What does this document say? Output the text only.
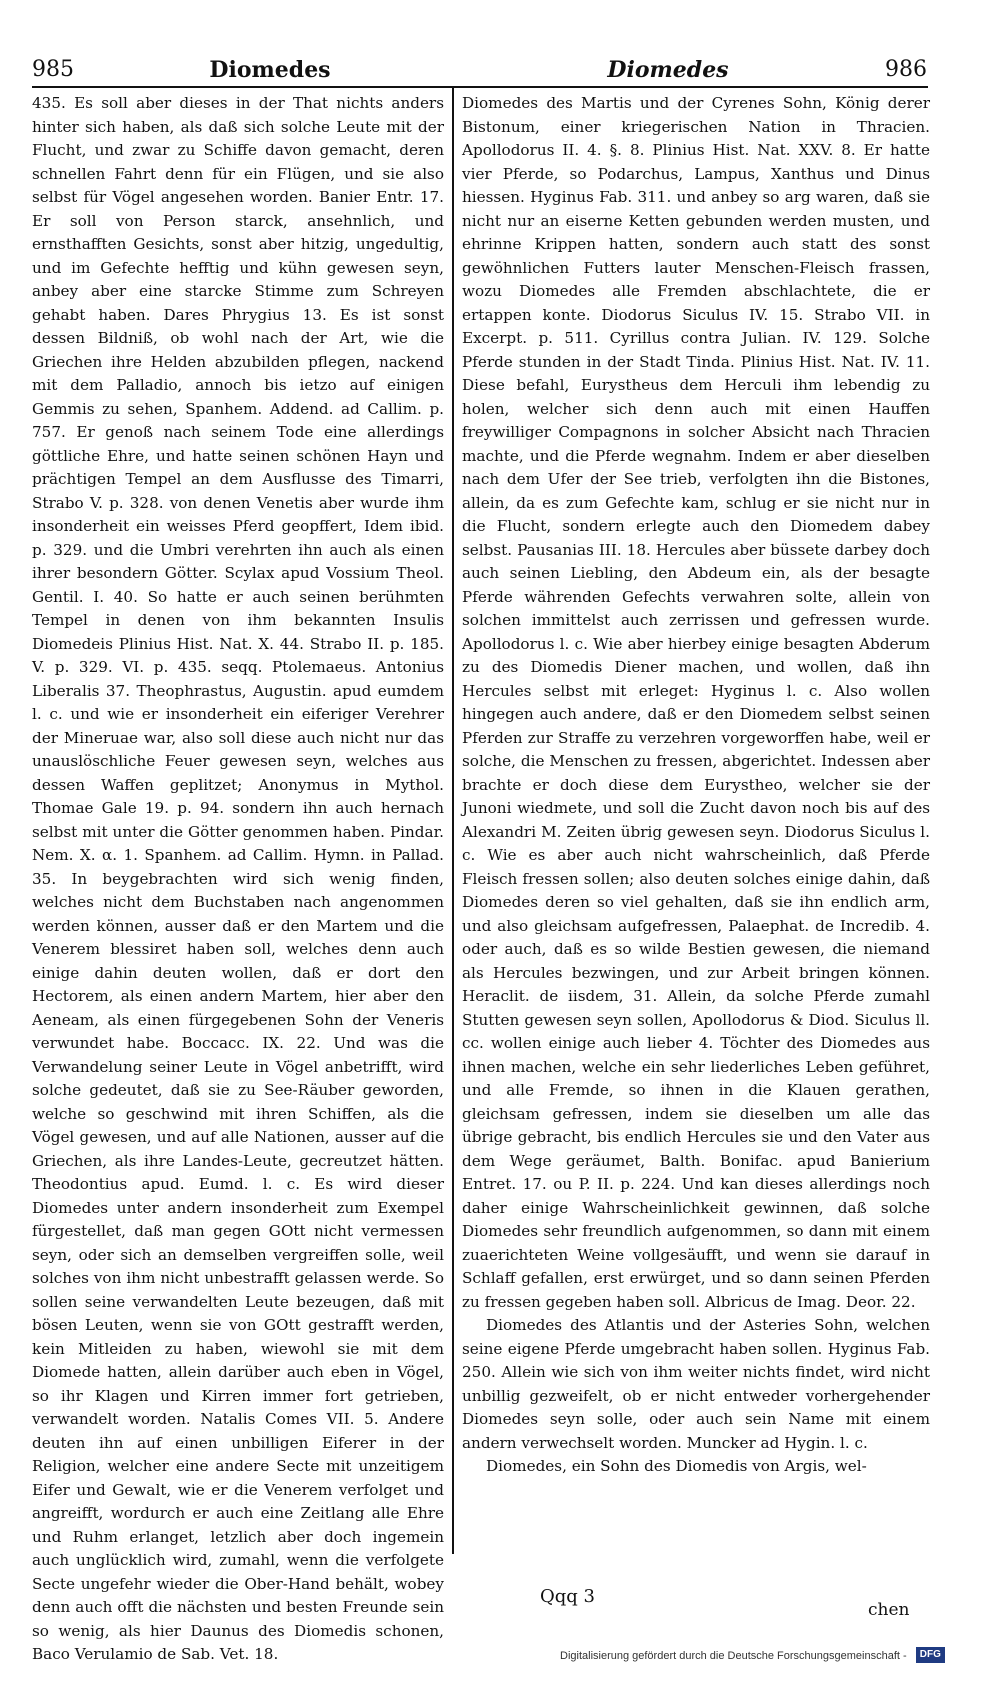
985	Diomedes	Diomedes	986

435. Es soll aber dieses in der That nichts anders hinter sich haben, als daß sich solche Leute mit der Flucht, und zwar zu Schiffe davon gemacht, deren schnellen Fahrt denn für ein Flügen, und sie also selbst für Vögel angesehen worden. Banier Entr. 17. Er soll von Person starck, ansehnlich, und ernsthafften Gesichts, sonst aber hitzig, ungedultig, und im Gefechte hefftig und kühn gewesen seyn, anbey aber eine starcke Stimme zum Schreyen gehabt haben. Dares Phrygius 13. Es ist sonst dessen Bildniß, ob wohl nach der Art, wie die Griechen ihre Helden abzubilden pflegen, nackend mit dem Palladio, annoch bis ietzo auf einigen Gemmis zu sehen, Spanhem. Addend. ad Callim. p. 757. Er genoß nach seinem Tode eine allerdings göttliche Ehre, und hatte seinen schönen Hayn und prächtigen Tempel an dem Ausflusse des Timarri, Strabo V. p. 328. von denen Venetis aber wurde ihm insonderheit ein weisses Pferd geopffert, Idem ibid. p. 329. und die Umbri verehrten ihn auch als einen ihrer besondern Götter. Scylax apud Vossium Theol. Gentil. I. 40. So hatte er auch seinen berühmten Tempel in denen von ihm bekannten Insulis Diomedeis Plinius Hist. Nat. X. 44. Strabo II. p. 185. V. p. 329. VI. p. 435. seqq. Ptolemaeus. Antonius Liberalis 37. Theophrastus, Augustin. apud eumdem l. c. und wie er insonderheit ein eiferiger Verehrer der Mineruae war, also soll diese auch nicht nur das unauslöschliche Feuer gewesen seyn, welches aus dessen Waffen geplitzet; Anonymus in Mythol. Thomae Gale 19. p. 94. sondern ihn auch hernach selbst mit unter die Götter genommen haben. Pindar. Nem. X. α. 1. Spanhem. ad Callim. Hymn. in Pallad. 35. In beygebrachten wird sich wenig finden, welches nicht dem Buchstaben nach angenommen werden können, ausser daß er den Martem und die Venerem blessiret haben soll, welches denn auch einige dahin deuten wollen, daß er dort den Hectorem, als einen andern Martem, hier aber den Aeneam, als einen fürgegebenen Sohn der Veneris verwundet habe. Boccacc. IX. 22. Und was die Verwandelung seiner Leute in Vögel anbetrifft, wird solche gedeutet, daß sie zu See-Räuber geworden, welche so geschwind mit ihren Schiffen, als die Vögel gewesen, und auf alle Nationen, ausser auf die Griechen, als ihre Landes-Leute, gecreutzet hätten. Theodontius apud. Eumd. l. c. Es wird dieser Diomedes unter andern insonderheit zum Exempel fürgestellet, daß man gegen GOtt nicht vermessen seyn, oder sich an demselben vergreiffen solle, weil solches von ihm nicht unbestrafft gelassen werde. So sollen seine verwandelten Leute bezeugen, daß mit bösen Leuten, wenn sie von GOtt gestrafft werden, kein Mitleiden zu haben, wiewohl sie mit dem Diomede hatten, allein darüber auch eben in Vögel, so ihr Klagen und Kirren immer fort getrieben, verwandelt worden. Natalis Comes VII. 5. Andere deuten ihn auf einen unbilligen Eiferer in der Religion, welcher eine andere Secte mit unzeitigem Eifer und Gewalt, wie er die Venerem verfolget und angreifft, wordurch er auch eine Zeitlang alle Ehre und Ruhm erlanget, letzlich aber doch ingemein auch unglücklich wird, zumahl, wenn die verfolgete Secte ungefehr wieder die Ober-Hand behält, wobey denn auch offt die nächsten und besten Freunde sein so wenig, als hier Daunus des Diomedis schonen, Baco Verulamio de Sab. Vet. 18.

Diomedes des Martis und der Cyrenes Sohn, König derer Bistonum, einer kriegerischen Nation in Thracien. Apollodorus II. 4. §. 8. Plinius Hist. Nat. XXV. 8. Er hatte vier Pferde, so Podarchus, Lampus, Xanthus und Dinus hiessen. Hyginus Fab. 311. und anbey so arg waren, daß sie nicht nur an eiserne Ketten gebunden werden musten, und ehrinne Krippen hatten, sondern auch statt des sonst gewöhnlichen Futters lauter Menschen-Fleisch frassen, wozu Diomedes alle Fremden abschlachtete, die er ertappen konte. Diodorus Siculus IV. 15. Strabo VII. in Excerpt. p. 511. Cyrillus contra Julian. IV. 129. Solche Pferde stunden in der Stadt Tinda. Plinius Hist. Nat. IV. 11. Diese befahl, Eurystheus dem Herculi ihm lebendig zu holen, welcher sich denn auch mit einen Hauffen freywilliger Compagnons in solcher Absicht nach Thracien machte, und die Pferde wegnahm. Indem er aber dieselben nach dem Ufer der See trieb, verfolgten ihn die Bistones, allein, da es zum Gefechte kam, schlug er sie nicht nur in die Flucht, sondern erlegte auch den Diomedem dabey selbst. Pausanias III. 18. Hercules aber büssete darbey doch auch seinen Liebling, den Abdeum ein, als der besagte Pferde währenden Gefechts verwahren solte, allein von solchen immittelst auch zerrissen und gefressen wurde. Apollodorus l. c. Wie aber hierbey einige besagten Abderum zu des Diomedis Diener machen, und wollen, daß ihn Hercules selbst mit erleget: Hyginus l. c. Also wollen hingegen auch andere, daß er den Diomedem selbst seinen Pferden zur Straffe zu verzehren vorgeworffen habe, weil er solche, die Menschen zu fressen, abgerichtet. Indessen aber brachte er doch diese dem Eurystheo, welcher sie der Junoni wiedmete, und soll die Zucht davon noch bis auf des Alexandri M. Zeiten übrig gewesen seyn. Diodorus Siculus l. c. Wie es aber auch nicht wahrscheinlich, daß Pferde Fleisch fressen sollen; also deuten solches einige dahin, daß Diomedes deren so viel gehalten, daß sie ihn endlich arm, und also gleichsam aufgefressen, Palaephat. de Incredib. 4. oder auch, daß es so wilde Bestien gewesen, die niemand als Hercules bezwingen, und zur Arbeit bringen können. Heraclit. de iisdem, 31. Allein, da solche Pferde zumahl Stutten gewesen seyn sollen, Apollodorus & Diod. Siculus ll. cc. wollen einige auch lieber 4. Töchter des Diomedes aus ihnen machen, welche ein sehr liederliches Leben geführet, und alle Fremde, so ihnen in die Klauen gerathen, gleichsam gefressen, indem sie dieselben um alle das übrige gebracht, bis endlich Hercules sie und den Vater aus dem Wege geräumet, Balth. Bonifac. apud Banierium Entret. 17. ou P. II. p. 224. Und kan dieses allerdings noch daher einige Wahrscheinlichkeit gewinnen, daß solche Diomedes sehr freundlich aufgenommen, so dann mit einem zuaerichteten Weine vollgesäufft, und wenn sie darauf in Schlaff gefallen, erst erwürget, und so dann seinen Pferden zu fressen gegeben haben soll. Albricus de Imag. Deor. 22.

Diomedes des Atlantis und der Asteries Sohn, welchen seine eigene Pferde umgebracht haben sollen. Hyginus Fab. 250. Allein wie sich von ihm weiter nichts findet, wird nicht unbillig gezweifelt, ob er nicht entweder vorhergehender Diomedes seyn solle, oder auch sein Name mit einem andern verwechselt worden. Muncker ad Hygin. l. c.

Diomedes, ein Sohn des Diomedis von Argis, wel-

Qqq 3
chen
Digitalisierung gefördert durch die Deutsche Forschungsgemeinschaft - DFG
